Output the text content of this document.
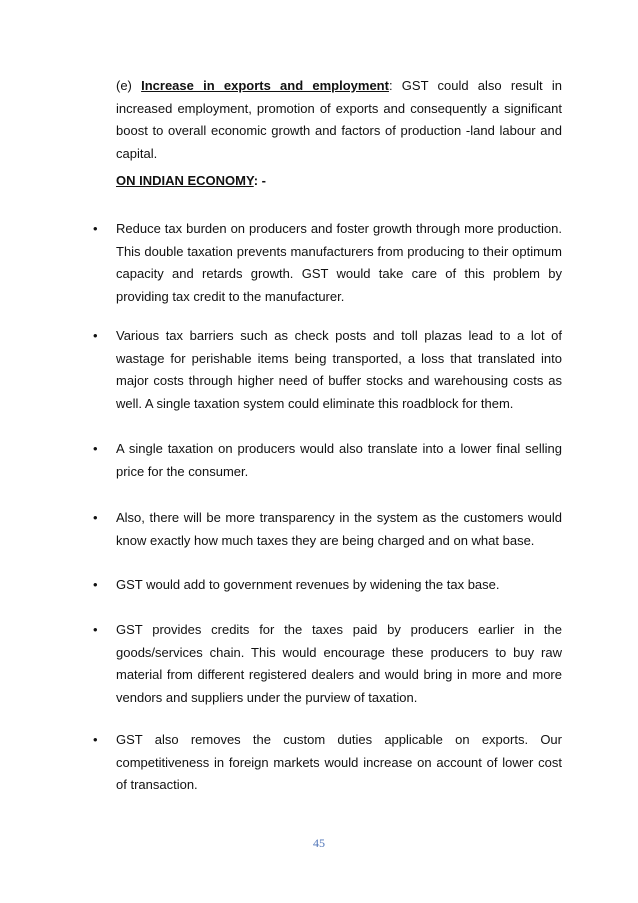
(e) Increase in exports and employment: GST could also result in increased employment, promotion of exports and consequently a significant boost to overall economic growth and factors of production -land labour and capital.

ON INDIAN ECONOMY: -

• Reduce tax burden on producers and foster growth through more production. This double taxation prevents manufacturers from producing to their optimum capacity and retards growth. GST would take care of this problem by providing tax credit to the manufacturer.

• Various tax barriers such as check posts and toll plazas lead to a lot of wastage for perishable items being transported, a loss that translated into major costs through higher need of buffer stocks and warehousing costs as well. A single taxation system could eliminate this roadblock for them.

• A single taxation on producers would also translate into a lower final selling price for the consumer.

• Also, there will be more transparency in the system as the customers would know exactly how much taxes they are being charged and on what base.

• GST would add to government revenues by widening the tax base.

• GST provides credits for the taxes paid by producers earlier in the goods/services chain. This would encourage these producers to buy raw material from different registered dealers and would bring in more and more vendors and suppliers under the purview of taxation.

• GST also removes the custom duties applicable on exports. Our competitiveness in foreign markets would increase on account of lower cost of transaction.

45
